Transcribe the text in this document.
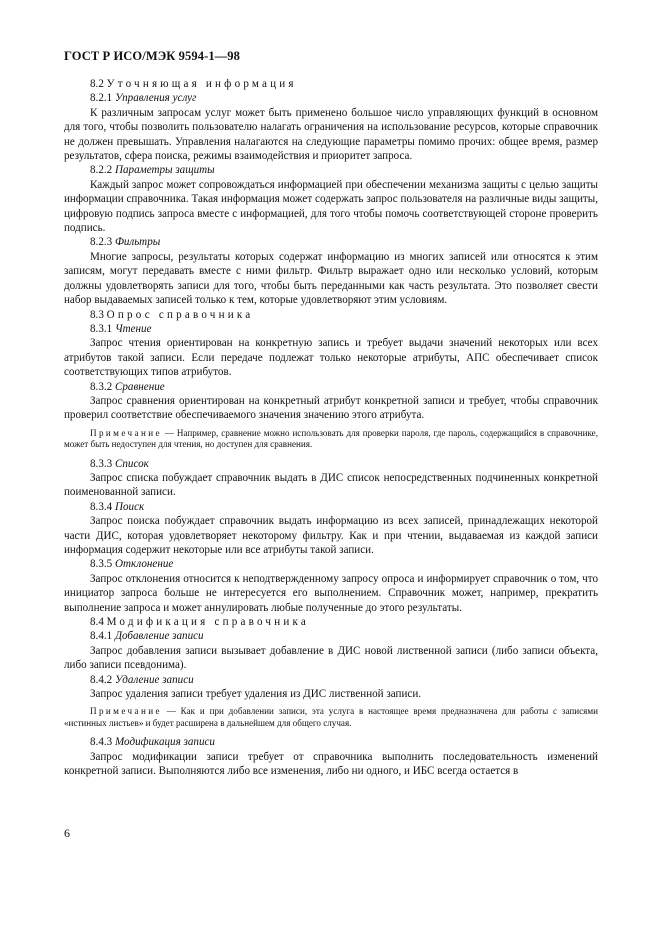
ГОСТ Р ИСО/МЭК 9594-1—98

8.2 Уточняющая информация

8.2.1 Управления услуг

К различным запросам услуг может быть применено большое число управляющих функций в основном для того, чтобы позволить пользователю налагать ограничения на использование ресурсов, которые справочник не должен превышать. Управления налагаются на следующие параметры помимо прочих: общее время, размер результатов, сфера поиска, режимы взаимодействия и приоритет запроса.

8.2.2 Параметры защиты

Каждый запрос может сопровождаться информацией при обеспечении механизма защиты с целью защиты информации справочника. Такая информация может содержать запрос пользователя на различные виды защиты, цифровую подпись запроса вместе с информацией, для того чтобы помочь соответствующей стороне проверить подпись.

8.2.3 Фильтры

Многие запросы, результаты которых содержат информацию из многих записей или относятся к этим записям, могут передавать вместе с ними фильтр. Фильтр выражает одно или несколько условий, которым должны удовлетворять записи для того, чтобы быть переданными как часть результата. Это позволяет свести набор выдаваемых записей только к тем, которые удовлетворяют этим условиям.

8.3 Опрос справочника

8.3.1 Чтение

Запрос чтения ориентирован на конкретную запись и требует выдачи значений некоторых или всех атрибутов такой записи. Если передаче подлежат только некоторые атрибуты, АПС обеспечивает список соответствующих типов атрибутов.

8.3.2 Сравнение

Запрос сравнения ориентирован на конкретный атрибут конкретной записи и требует, чтобы справочник проверил соответствие обеспечиваемого значения значению этого атрибута.

Примечание — Например, сравнение можно использовать для проверки пароля, где пароль, содержащийся в справочнике, может быть недоступен для чтения, но доступен для сравнения.

8.3.3 Список

Запрос списка побуждает справочник выдать в ДИС список непосредственных подчиненных конкретной поименованной записи.

8.3.4 Поиск

Запрос поиска побуждает справочник выдать информацию из всех записей, принадлежащих некоторой части ДИС, которая удовлетворяет некоторому фильтру. Как и при чтении, выдаваемая из каждой записи информация содержит некоторые или все атрибуты такой записи.

8.3.5 Отклонение

Запрос отклонения относится к неподтвержденному запросу опроса и информирует справочник о том, что инициатор запроса больше не интересуется его выполнением. Справочник может, например, прекратить выполнение запроса и может аннулировать любые полученные до этого результаты.

8.4 Модификация справочника

8.4.1 Добавление записи

Запрос добавления записи вызывает добавление в ДИС новой лиственной записи (либо записи объекта, либо записи псевдонима).

8.4.2 Удаление записи

Запрос удаления записи требует удаления из ДИС лиственной записи.

Примечание — Как и при добавлении записи, эта услуга в настоящее время предназначена для работы с записями «истинных листьев» и будет расширена в дальнейшем для общего случая.

8.4.3 Модификация записи

Запрос модификации записи требует от справочника выполнить последовательность изменений конкретной записи. Выполняются либо все изменения, либо ни одного, и ИБС всегда остается в

6
